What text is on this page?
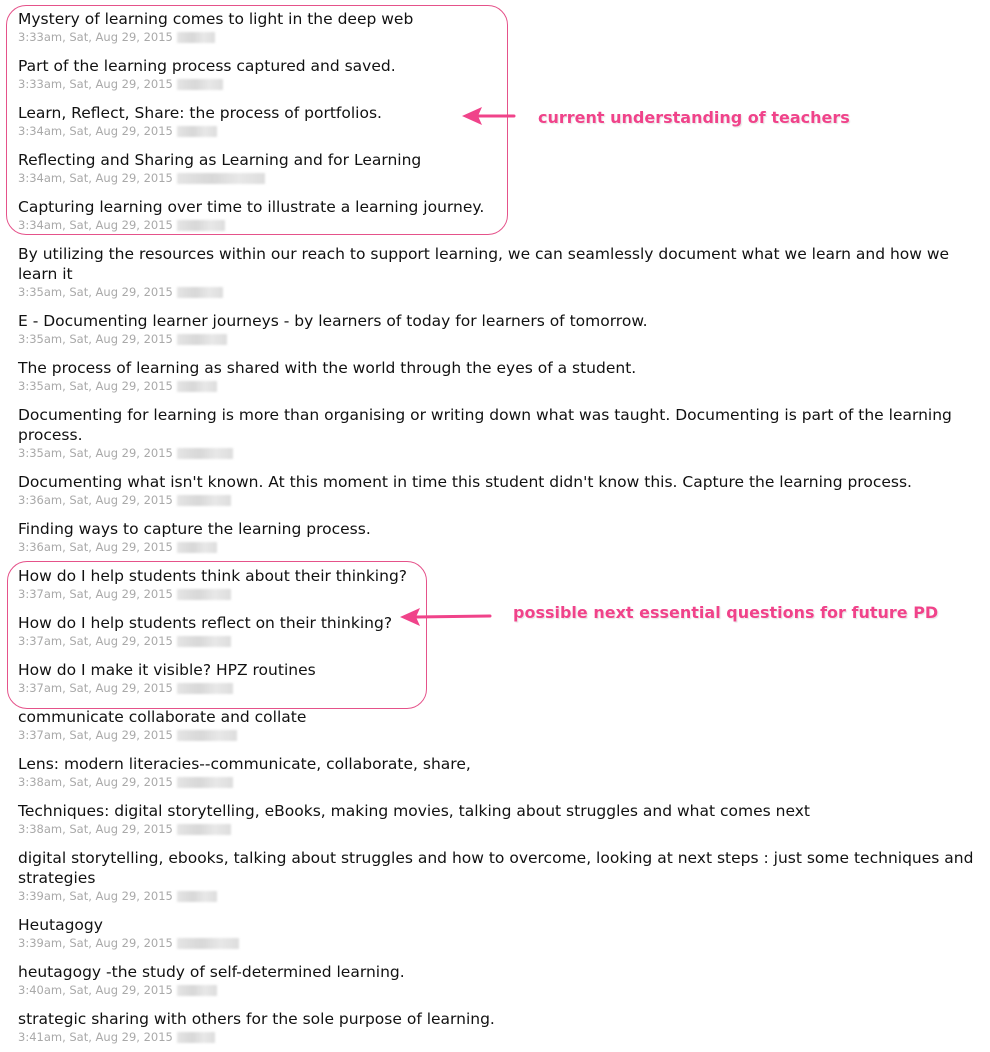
Mystery of learning comes to light in the deep web
3:33am, Sat, Aug 29, 2015
Part of the learning process captured and saved.
3:33am, Sat, Aug 29, 2015
Learn, Reflect, Share: the process of portfolios.
3:34am, Sat, Aug 29, 2015
Reflecting and Sharing as Learning and for Learning
3:34am, Sat, Aug 29, 2015
Capturing learning over time to illustrate a learning journey.
3:34am, Sat, Aug 29, 2015
By utilizing the resources within our reach to support learning, we can seamlessly document what we learn and how we learn it
3:35am, Sat, Aug 29, 2015
E - Documenting learner journeys - by learners of today for learners of tomorrow.
3:35am, Sat, Aug 29, 2015
The process of learning as shared with the world through the eyes of a student.
3:35am, Sat, Aug 29, 2015
Documenting for learning is more than organising or writing down what was taught. Documenting is part of the learning process.
3:35am, Sat, Aug 29, 2015
Documenting what isn't known. At this moment in time this student didn't know this. Capture the learning process.
3:36am, Sat, Aug 29, 2015
Finding ways to capture the learning process.
3:36am, Sat, Aug 29, 2015
How do I help students think about their thinking?
3:37am, Sat, Aug 29, 2015
How do I help students reflect on their thinking?
3:37am, Sat, Aug 29, 2015
How do I make it visible? HPZ routines
3:37am, Sat, Aug 29, 2015
communicate collaborate and collate
3:37am, Sat, Aug 29, 2015
Lens: modern literacies--communicate, collaborate, share,
3:38am, Sat, Aug 29, 2015
Techniques: digital storytelling, eBooks, making movies, talking about struggles and what comes next
3:38am, Sat, Aug 29, 2015
digital storytelling, ebooks, talking about struggles and how to overcome, looking at next steps : just some techniques and strategies
3:39am, Sat, Aug 29, 2015
Heutagogy
3:39am, Sat, Aug 29, 2015
heutagogy -the study of self-determined learning.
3:40am, Sat, Aug 29, 2015
strategic sharing with others for the sole purpose of learning.
3:41am, Sat, Aug 29, 2015
current understanding of teachers
possible next essential questions for future PD
